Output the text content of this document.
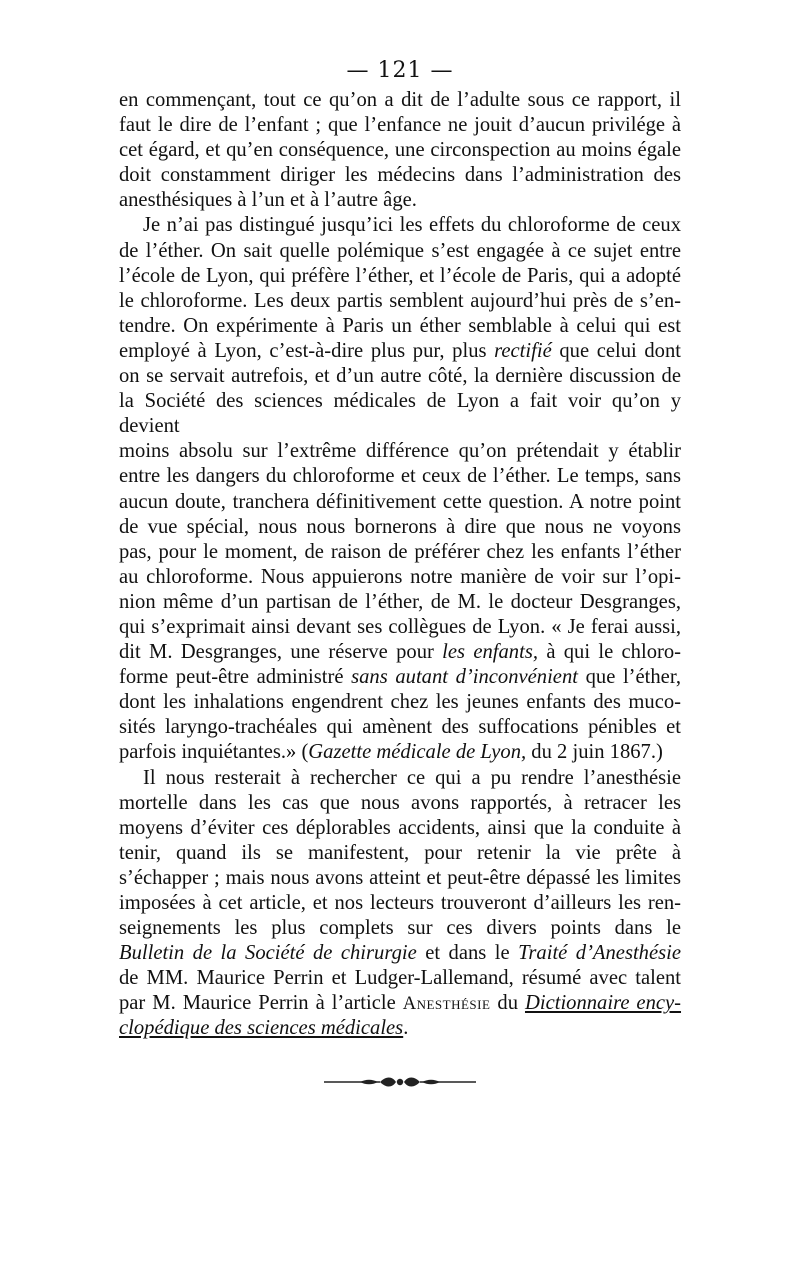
— 121 —

en commençant, tout ce qu’on a dit de l’adulte sous ce rapport, il

faut le dire de l’enfant ; que l’enfance ne jouit d’aucun privilége à

cet égard, et qu’en conséquence, une circonspection au moins égale

doit constamment diriger les médecins dans l’administration des

anesthésiques à l’un et à l’autre âge.

Je n’ai pas distingué jusqu’ici les effets du chloroforme de ceux

de l’éther. On sait quelle polémique s’est engagée à ce sujet entre

l’école de Lyon, qui préfère l’éther, et l’école de Paris, qui a adopté

le chloroforme. Les deux partis semblent aujourd’hui près de s’en-

tendre. On expérimente à Paris un éther semblable à celui qui est

employé à Lyon, c’est-à-dire plus pur, plus rectifié que celui dont

on se servait autrefois, et d’un autre côté, la dernière discussion de

la Société des sciences médicales de Lyon a fait voir qu’on y devient

moins absolu sur l’extrême différence qu’on prétendait y établir

entre les dangers du chloroforme et ceux de l’éther. Le temps, sans

aucun doute, tranchera définitivement cette question. A notre point

de vue spécial, nous nous bornerons à dire que nous ne voyons

pas, pour le moment, de raison de préférer chez les enfants l’éther

au chloroforme. Nous appuierons notre manière de voir sur l’opi-

nion même d’un partisan de l’éther, de M. le docteur Desgranges,

qui s’exprimait ainsi devant ses collègues de Lyon. « Je ferai aussi,

dit M. Desgranges, une réserve pour les enfants, à qui le chloro-

forme peut-être administré sans autant d’inconvénient que l’éther,

dont les inhalations engendrent chez les jeunes enfants des muco-

sités laryngo-trachéales qui amènent des suffocations pénibles et

parfois inquiétantes.» (Gazette médicale de Lyon, du 2 juin 1867.)

Il nous resterait à rechercher ce qui a pu rendre l’anesthésie

mortelle dans les cas que nous avons rapportés, à retracer les

moyens d’éviter ces déplorables accidents, ainsi que la conduite à

tenir, quand ils se manifestent, pour retenir la vie prête à

s’échapper ; mais nous avons atteint et peut-être dépassé les limites

imposées à cet article, et nos lecteurs trouveront d’ailleurs les ren-

seignements les plus complets sur ces divers points dans le

Bulletin de la Société de chirurgie et dans le Traité d’Anesthésie

de MM. Maurice Perrin et Ludger-Lallemand, résumé avec talent

par M. Maurice Perrin à l’article Anesthésie du Dictionnaire ency-

clopédique des sciences médicales.
